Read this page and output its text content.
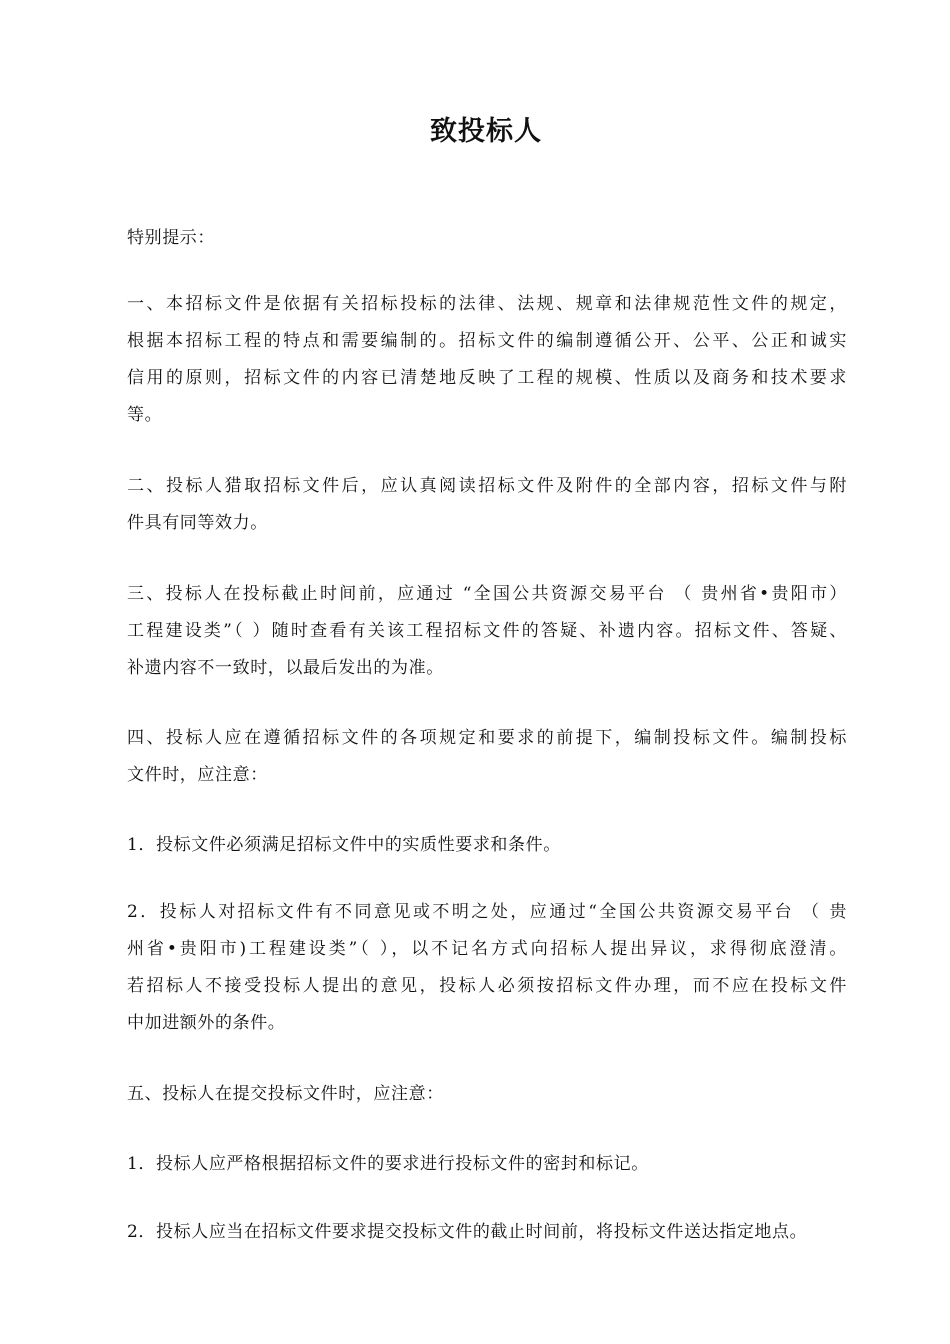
致投标人
特别提示：
一、本招标文件是依据有关招标投标的法律、法规、规章和法律规范性文件的规定，
根据本招标工程的特点和需要编制的。招标文件的编制遵循公开、公平、公正和诚实
信用的原则，招标文件的内容已清楚地反映了工程的规模、性质以及商务和技术要求
等。
二、投标人猎取招标文件后，应认真阅读招标文件及附件的全部内容，招标文件与附
件具有同等效力。
三、投标人在投标截止时间前，应通过 “全国公共资源交易平台 （ 贵州省•贵阳市）
工程建设类”（ ）随时查看有关该工程招标文件的答疑、补遗内容。招标文件、答疑、
补遗内容不一致时，以最后发出的为准。
四、投标人应在遵循招标文件的各项规定和要求的前提下，编制投标文件。编制投标
文件时，应注意：
1．投标文件必须满足招标文件中的实质性要求和条件。
2．投标人对招标文件有不同意见或不明之处，应通过“全国公共资源交易平台 （ 贵
州省•贵阳市)工程建设类”（ ），以不记名方式向招标人提出异议，求得彻底澄清。
若招标人不接受投标人提出的意见，投标人必须按招标文件办理，而不应在投标文件
中加进额外的条件。
五、投标人在提交投标文件时，应注意：
1．投标人应严格根据招标文件的要求进行投标文件的密封和标记。
2．投标人应当在招标文件要求提交投标文件的截止时间前，将投标文件送达指定地点。
